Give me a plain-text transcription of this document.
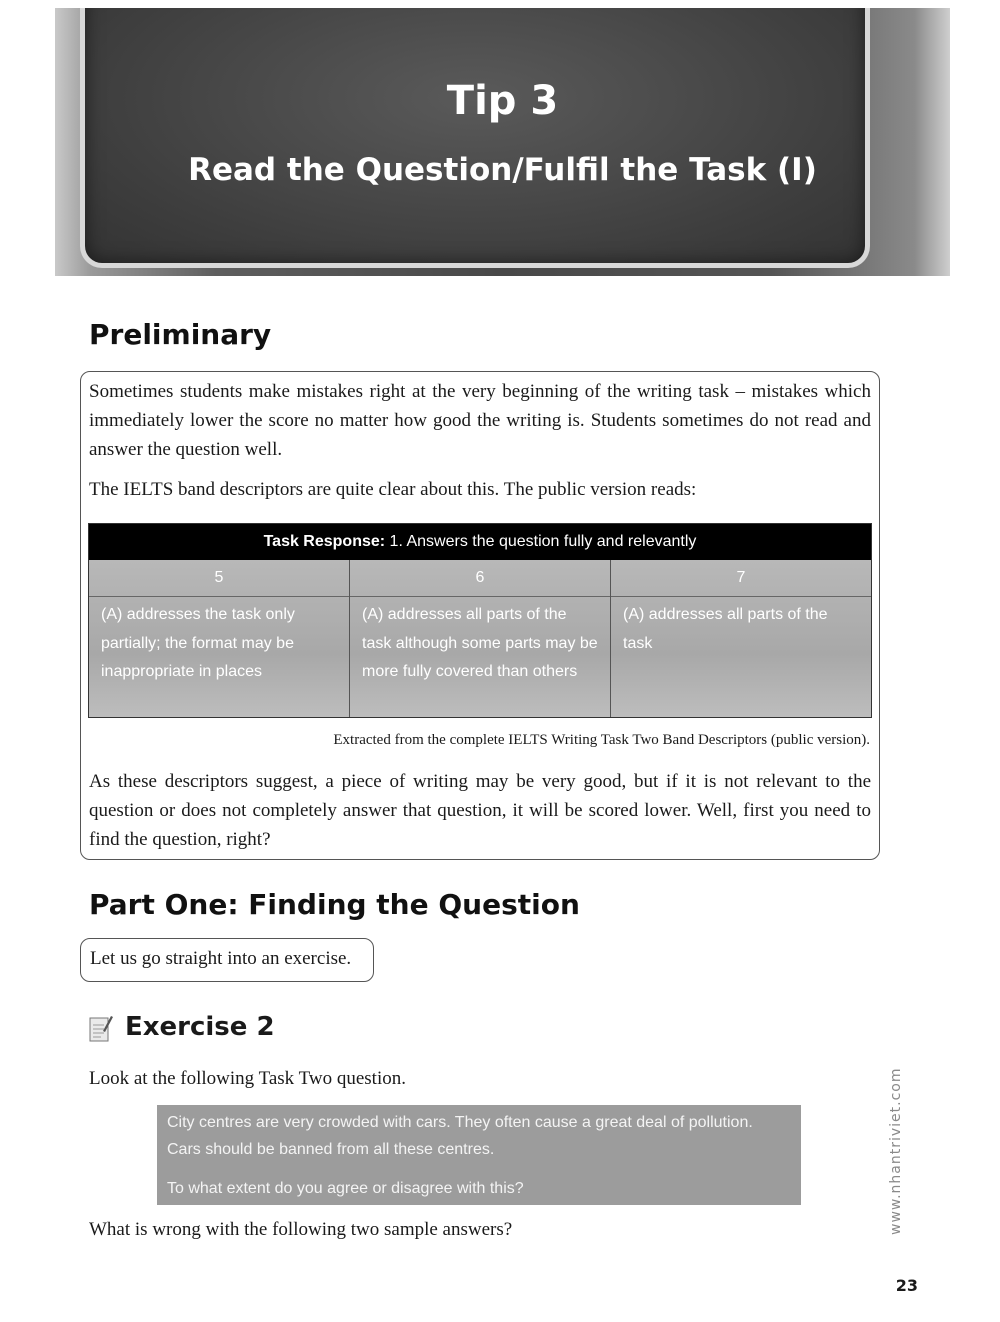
Tip 3
Read the Question/Fulfil the Task (I)
Preliminary

Sometimes students make mistakes right at the very beginning of the writing task – mistakes which immediately lower the score no matter how good the writing is. Students sometimes do not read and answer the question well.

The IELTS band descriptors are quite clear about this. The public version reads:

As these descriptors suggest, a piece of writing may be very good, but if it is not relevant to the question or does not completely answer that question, it will be scored lower. Well, first you need to find the question, right?

Task Response: 1. Answers the question fully and relevantly
5
(A) addresses the task only partially; the format may be inappropriate in places
6
(A) addresses all parts of the task although some parts may be more fully covered than others
7
(A) addresses all parts of the task
Extracted from the complete IELTS Writing Task Two Band Descriptors (public version).
Part One: Finding the Question
Let us go straight into an exercise.
Exercise 2
Look at the following Task Two question.
City centres are very crowded with cars. They often cause a great deal of pollution.
Cars should be banned from all these centres.
To what extent do you agree or disagree with this?
What is wrong with the following two sample answers?	www.nhantriviet.com
23
